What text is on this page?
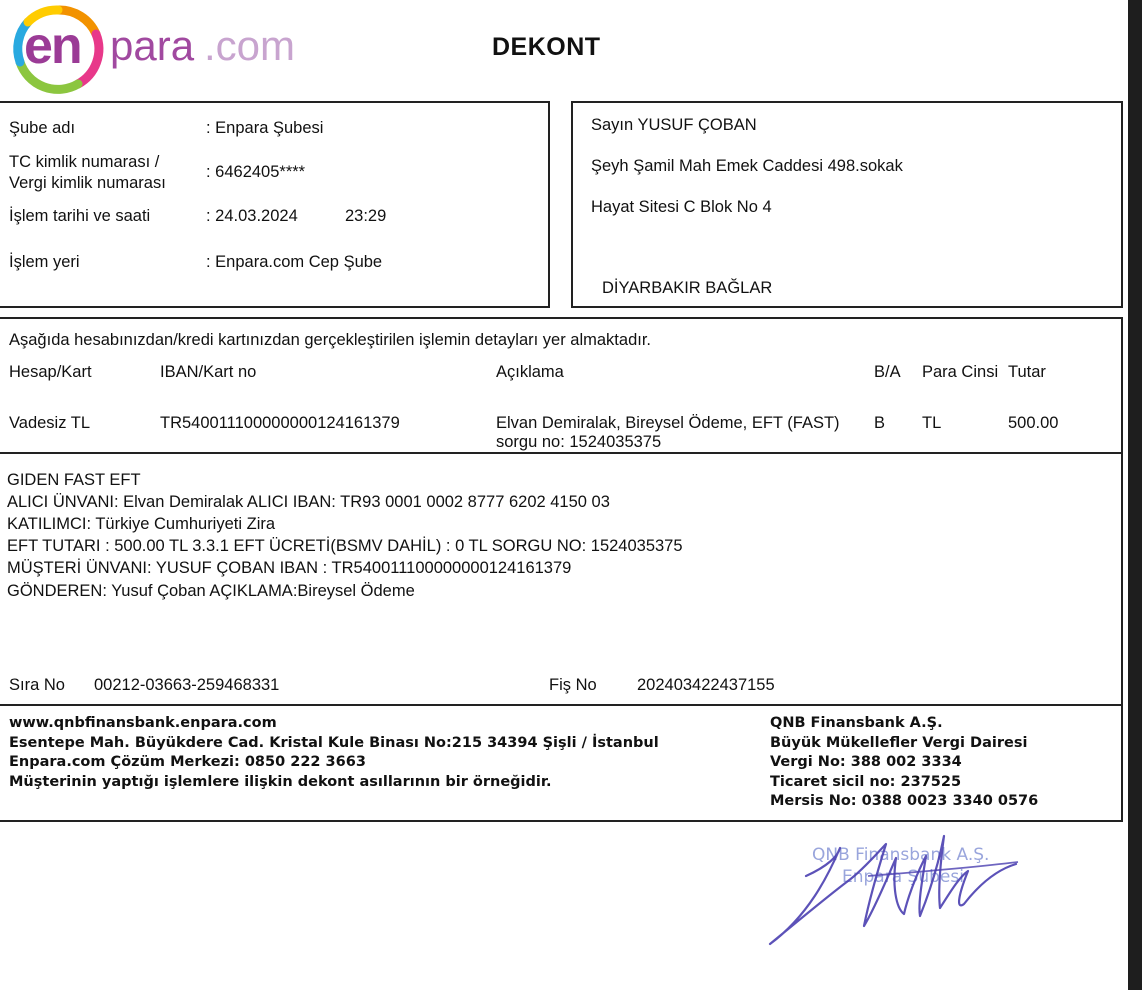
en para .com	DEKONT
Şube adı	: Enpara Şubesi
TC kimlik numarası /
Vergi kimlik numarası
: 6462405****
İşlem tarihi ve saati	: 24.03.2024	23:29
İşlem yeri	: Enpara.com Cep Şube
Sayın YUSUF ÇOBAN
Şeyh Şamil Mah Emek Caddesi 498.sokak
Hayat Sitesi C Blok No 4
DİYARBAKIR BAĞLAR
Aşağıda hesabınızdan/kredi kartınızdan gerçekleştirilen işlemin detayları yer almaktadır.
Hesap/Kart	IBAN/Kart no	Açıklama	B/A Para Cinsi Tutar
Vadesiz TL	TR540011100000000124161379	Elvan Demiralak, Bireysel Ödeme, EFT (FAST)
sorgu no: 1524035375
B TL	500.00
GIDEN FAST EFT
ALICI ÜNVANI: Elvan Demiralak ALICI IBAN: TR93 0001 0002 8777 6202 4150 03
KATILIMCI: Türkiye Cumhuriyeti Zira
EFT TUTARI : 500.00 TL 3.3.1 EFT ÜCRETİ(BSMV DAHİL) : 0 TL SORGU NO: 1524035375
MÜŞTERİ ÜNVANI: YUSUF ÇOBAN IBAN : TR540011100000000124161379
GÖNDEREN: Yusuf Çoban AÇIKLAMA:Bireysel Ödeme
Sıra No 00212-03663-259468331	Fiş No 202403422437155
www.qnbfinansbank.enpara.com
Esentepe Mah. Büyükdere Cad. Kristal Kule Binası No:215 34394 Şişli / İstanbul
Enpara.com Çözüm Merkezi: 0850 222 3663
Müşterinin yaptığı işlemlere ilişkin dekont asıllarının bir örneğidir.
QNB Finansbank A.Ş.
Büyük Mükellefler Vergi Dairesi
Vergi No: 388 002 3334
Ticaret sicil no: 237525
Mersis No: 0388 0023 3340 0576
QNB Finansbank A.Ş.
Enpara Şubesi
